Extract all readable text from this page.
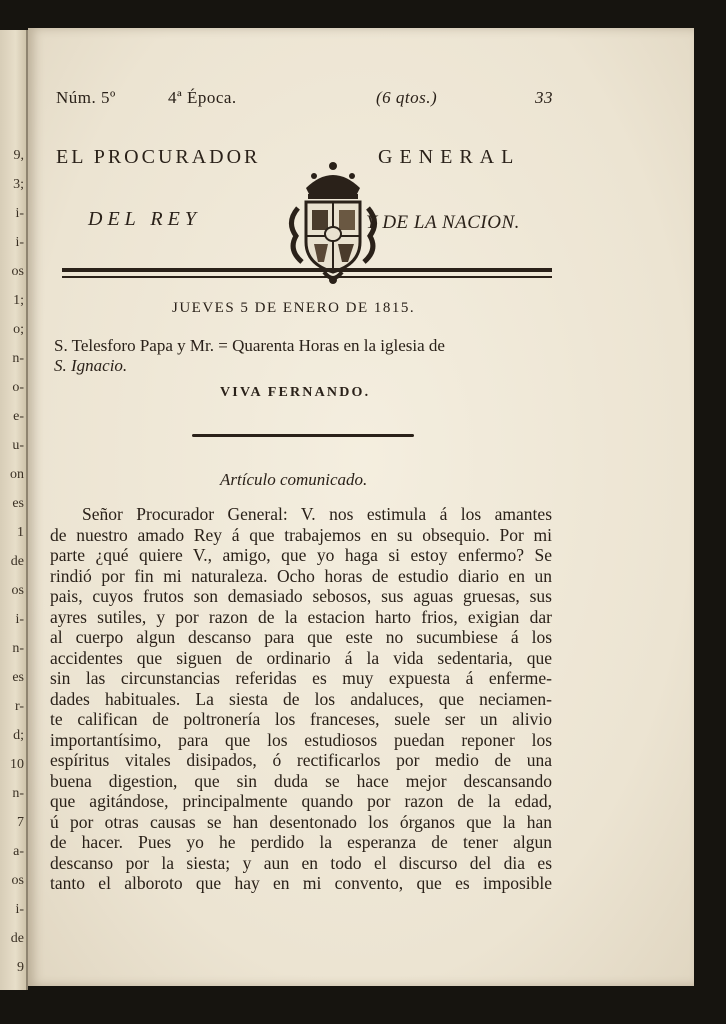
9,
3;
i-
i-
os
1;
o;
n-
o-
e-
u-
on
es
1
de
os
i-
n-
es
r-
d;
10
n-
7
a-
os
i-
de
9
Núm. 5º	4ª Época.	(6 qtos.)	33
EL PROCURADOR	GENERAL
DEL REY	Y DE LA NACION.
JUEVES 5 DE ENERO DE 1815.
S. Telesforo Papa y Mr. = Quarenta Horas en la iglesia de
S. Ignacio.
VIVA FERNANDO.
Artículo comunicado.
Señor Procurador General: V. nos estimula á los amantes
de nuestro amado Rey á que trabajemos en su obsequio. Por mi
parte ¿qué quiere V., amigo, que yo haga si estoy enfermo? Se
rindió por fin mi naturaleza. Ocho horas de estudio diario en un
pais, cuyos frutos son demasiado sebosos, sus aguas gruesas, sus
ayres sutiles, y por razon de la estacion harto frios, exigian dar
al cuerpo algun descanso para que este no sucumbiese á los
accidentes que siguen de ordinario á la vida sedentaria, que
sin las circunstancias referidas es muy expuesta á enferme-
dades habituales. La siesta de los andaluces, que neciamen-
te califican de poltronería los franceses, suele ser un alivio
importantísimo, para que los estudiosos puedan reponer los
espíritus vitales disipados, ó rectificarlos por medio de una
buena digestion, que sin duda se hace mejor descansando
que agitándose, principalmente quando por razon de la edad,
ú por otras causas se han desentonado los órganos que la han
de hacer. Pues yo he perdido la esperanza de tener algun
descanso por la siesta; y aun en todo el discurso del dia es
tanto el alboroto que hay en mi convento, que es imposible
